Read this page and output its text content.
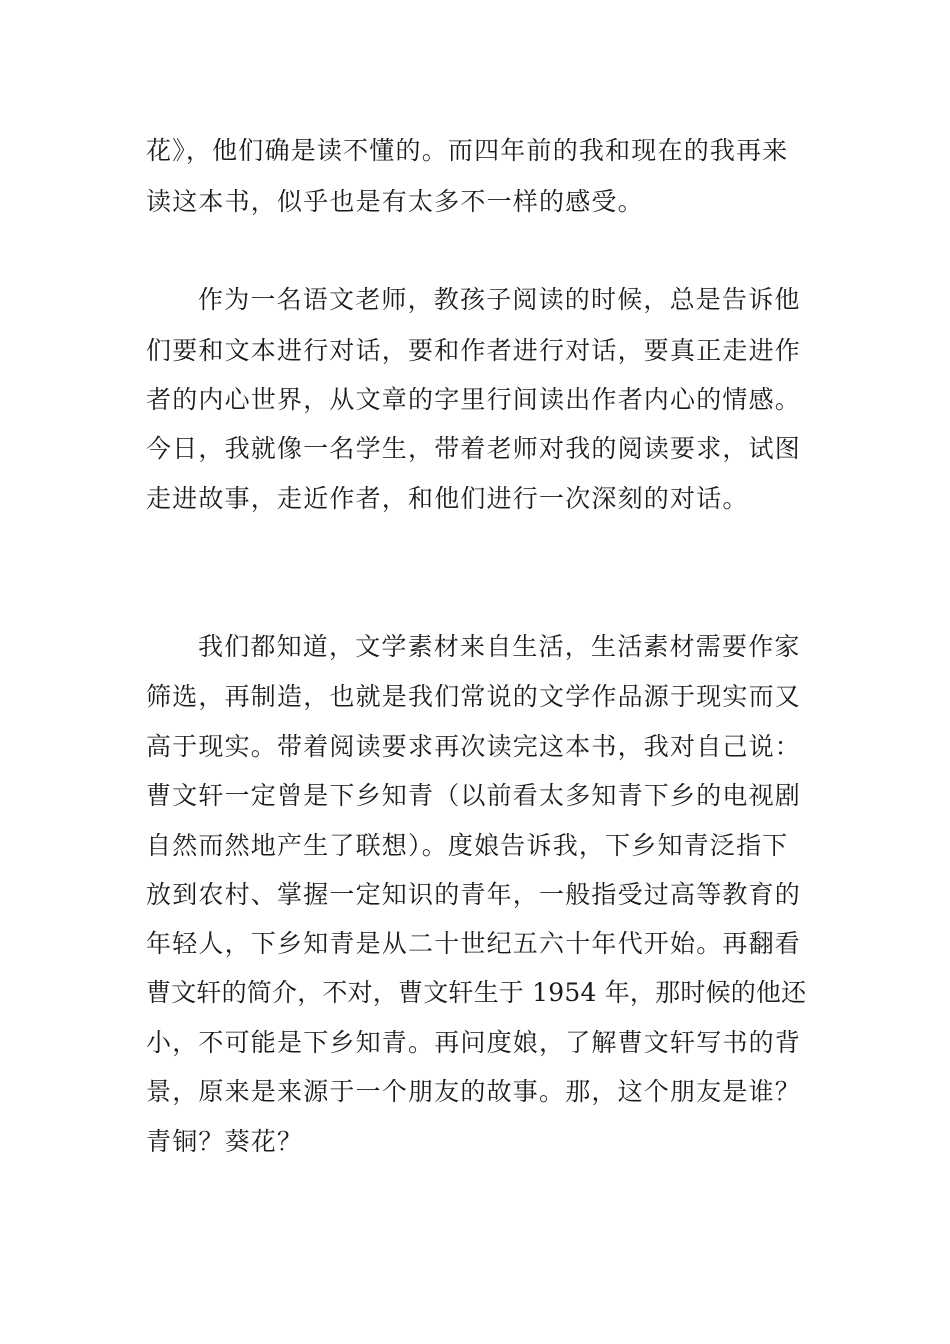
花》，他们确是读不懂的。而四年前的我和现在的我再来
读这本书，似乎也是有太多不一样的感受。
作为一名语文老师，教孩子阅读的时候，总是告诉他
们要和文本进行对话，要和作者进行对话，要真正走进作
者的内心世界，从文章的字里行间读出作者内心的情感。
今日，我就像一名学生，带着老师对我的阅读要求，试图
走进故事，走近作者，和他们进行一次深刻的对话。
我们都知道，文学素材来自生活，生活素材需要作家
筛选，再制造，也就是我们常说的文学作品源于现实而又
高于现实。带着阅读要求再次读完这本书，我对自己说：
曹文轩一定曾是下乡知青（以前看太多知青下乡的电视剧
自然而然地产生了联想）。度娘告诉我，下乡知青泛指下
放到农村、掌握一定知识的青年，一般指受过高等教育的
年轻人，下乡知青是从二十世纪五六十年代开始。再翻看
曹文轩的简介，不对，曹文轩生于 1954 年，那时候的他还
小，不可能是下乡知青。再问度娘，了解曹文轩写书的背
景，原来是来源于一个朋友的故事。那，这个朋友是谁？
青铜？葵花？
